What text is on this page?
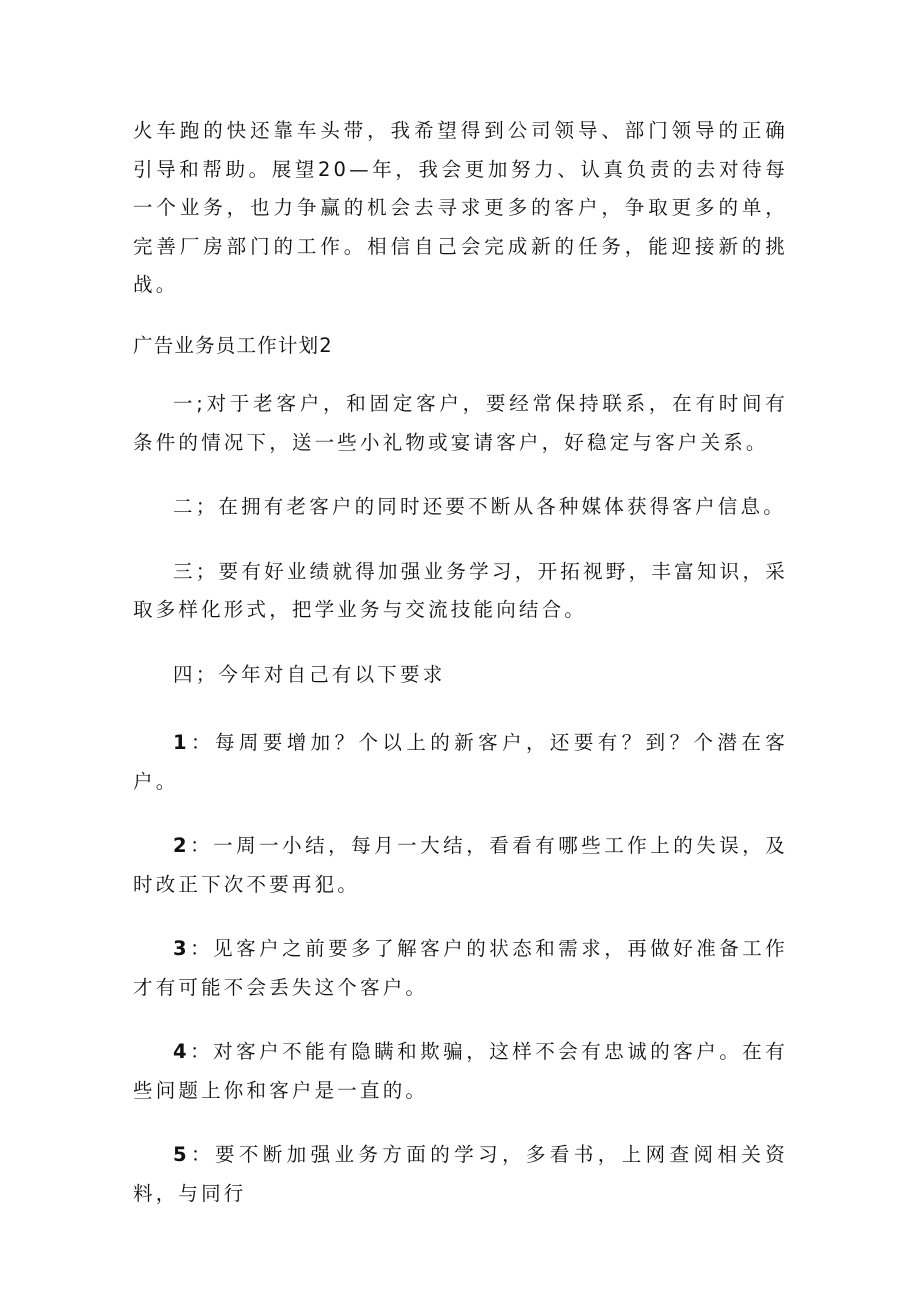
火车跑的快还靠车头带，我希望得到公司领导、部门领导的正确引导和帮助。展望20—年，我会更加努力、认真负责的去对待每一个业务，也力争赢的机会去寻求更多的客户，争取更多的单，完善厂房部门的工作。相信自己会完成新的任务，能迎接新的挑战。

广告业务员工作计划2

一;对于老客户，和固定客户，要经常保持联系，在有时间有条件的情况下，送一些小礼物或宴请客户，好稳定与客户关系。

二；在拥有老客户的同时还要不断从各种媒体获得客户信息。

三；要有好业绩就得加强业务学习，开拓视野，丰富知识，采取多样化形式，把学业务与交流技能向结合。

四；今年对自己有以下要求

1：每周要增加？个以上的新客户，还要有？到？个潜在客户。

2：一周一小结，每月一大结，看看有哪些工作上的失误，及时改正下次不要再犯。

3：见客户之前要多了解客户的状态和需求，再做好准备工作才有可能不会丢失这个客户。

4：对客户不能有隐瞒和欺骗，这样不会有忠诚的客户。在有些问题上你和客户是一直的。

5：要不断加强业务方面的学习，多看书，上网查阅相关资料，与同行
